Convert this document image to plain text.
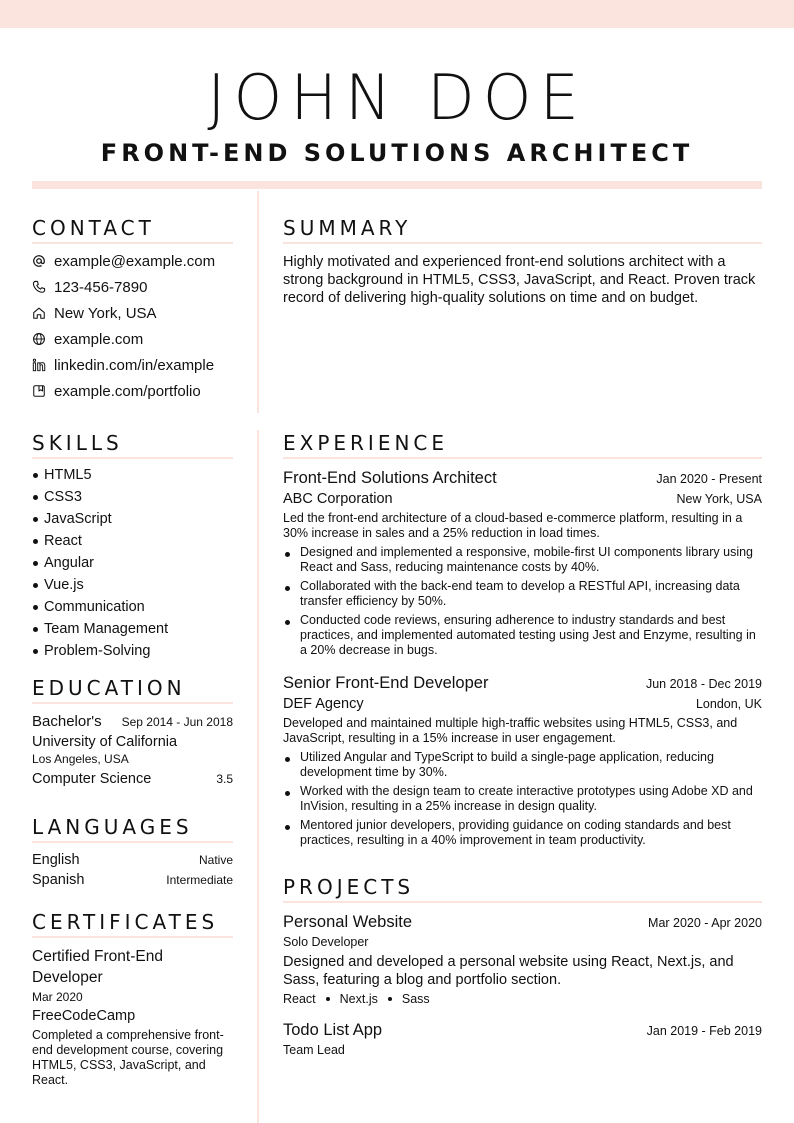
JOHN DOE
FRONT-END SOLUTIONS ARCHITECT
CONTACT
example@example.com
123-456-7890
New York, USA
example.com
linkedin.com/in/example
example.com/portfolio
SUMMARY
Highly motivated and experienced front-end solutions architect with a strong background in HTML5, CSS3, JavaScript, and React. Proven track record of delivering high-quality solutions on time and on budget.
SKILLS
HTML5
CSS3
JavaScript
React
Angular
Vue.js
Communication
Team Management
Problem-Solving
EDUCATION
Bachelor's Sep 2014 - Jun 2018
University of California
Los Angeles, USA
Computer Science	3.5
LANGUAGES
English	Native
Spanish	Intermediate
CERTIFICATES
Certified Front-End Developer
Mar 2020
FreeCodeCamp
Completed a comprehensive front-end development course, covering HTML5, CSS3, JavaScript, and React.
EXPERIENCE
Front-End Solutions Architect	Jan 2020 - Present
ABC Corporation	New York, USA
Led the front-end architecture of a cloud-based e-commerce platform, resulting in a 30% increase in sales and a 25% reduction in load times.
Designed and implemented a responsive, mobile-first UI components library using React and Sass, reducing maintenance costs by 40%.
Collaborated with the back-end team to develop a RESTful API, increasing data transfer efficiency by 50%.
Conducted code reviews, ensuring adherence to industry standards and best practices, and implemented automated testing using Jest and Enzyme, resulting in a 20% decrease in bugs.
Senior Front-End Developer	Jun 2018 - Dec 2019
DEF Agency	London, UK
Developed and maintained multiple high-traffic websites using HTML5, CSS3, and JavaScript, resulting in a 15% increase in user engagement.
Utilized Angular and TypeScript to build a single-page application, reducing development time by 30%.
Worked with the design team to create interactive prototypes using Adobe XD and InVision, resulting in a 25% increase in design quality.
Mentored junior developers, providing guidance on coding standards and best practices, resulting in a 40% improvement in team productivity.
PROJECTS
Personal Website	Mar 2020 - Apr 2020
Solo Developer
Designed and developed a personal website using React, Next.js, and Sass, featuring a blog and portfolio section.
React Next.js Sass
Todo List App	Jan 2019 - Feb 2019
Team Lead
